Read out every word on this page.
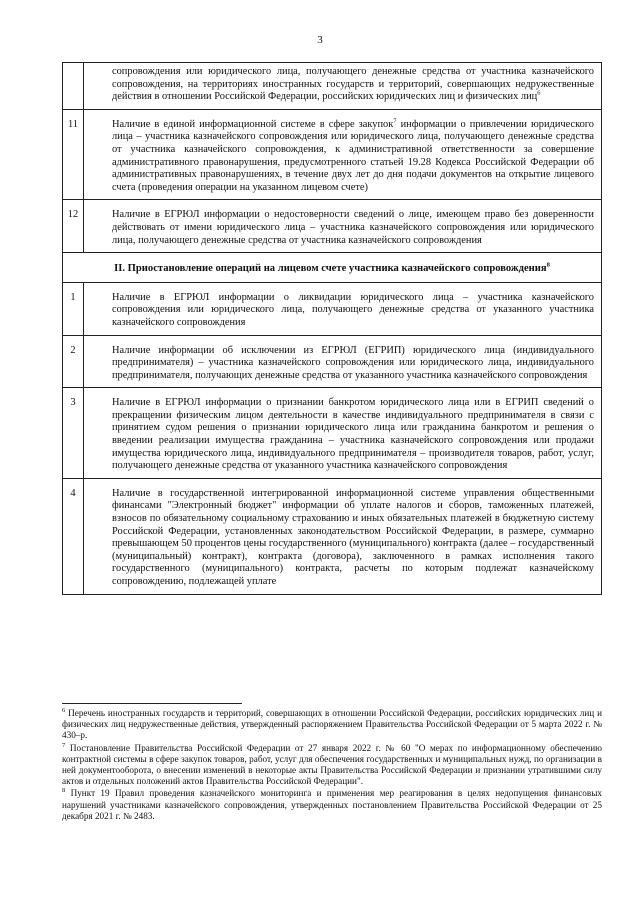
3
	сопровождения или юридического лица, получающего денежные средства от участника казначейского сопровождения, на территориях иностранных государств и территорий, совершающих недружественные действия в отношении Российской Федерации, российских юридических лиц и физических лиц$^6$
11	Наличие в единой информационной системе в сфере закупок$^7$ информации о привлечении юридического лица – участника казначейского сопровождения или юридического лица, получающего денежные средства от участника казначейского сопровождения, к административной ответственности за совершение административного правонарушения, предусмотренного статьей 19.28 Кодекса Российской Федерации об административных правонарушениях, в течение двух лет до дня подачи документов на открытие лицевого счета (проведения операции на указанном лицевом счете)
12	Наличие в ЕГРЮЛ информации о недостоверности сведений о лице, имеющем право без доверенности действовать от имени юридического лица – участника казначейского сопровождения или юридического лица, получающего денежные средства от участника казначейского сопровождения
II. Приостановление операций на лицевом счете участника казначейского сопровождения$^8$
1	Наличие в ЕГРЮЛ информации о ликвидации юридического лица – участника казначейского сопровождения или юридического лица, получающего денежные средства от указанного участника казначейского сопровождения
2	Наличие информации об исключении из ЕГРЮЛ (ЕГРИП) юридического лица (индивидуального предпринимателя) – участника казначейского сопровождения или юридического лица, индивидуального предпринимателя, получающих денежные средства от указанного участника казначейского сопровождения
3	Наличие в ЕГРЮЛ информации о признании банкротом юридического лица или в ЕГРИП сведений о прекращении физическим лицом деятельности в качестве индивидуального предпринимателя в связи с принятием судом решения о признании юридического лица или гражданина банкротом и решения о введении реализации имущества гражданина – участника казначейского сопровождения или продажи имущества юридического лица, индивидуального предпринимателя – производителя товаров, работ, услуг, получающего денежные средства от указанного участника казначейского сопровождения
4	Наличие в государственной интегрированной информационной системе управления общественными финансами "Электронный бюджет" информации об уплате налогов и сборов, таможенных платежей, взносов по обязательному социальному страхованию и иных обязательных платежей в бюджетную систему Российской Федерации, установленных законодательством Российской Федерации, в размере, суммарно превышающем 50 процентов цены государственного (муниципального) контракта (далее – государственный (муниципальный) контракт), контракта (договора), заключенного в рамках исполнения такого государственного (муниципального) контракта, расчеты по которым подлежат казначейскому сопровождению, подлежащей уплате

$^6$ Перечень иностранных государств и территорий, совершающих в отношении Российской Федерации, российских юридических лиц и физических лиц недружественные действия, утвержденный распоряжением Правительства Российской Федерации от 5 марта 2022 г. № 430–р.

$^7$ Постановление Правительства Российской Федерации от 27 января 2022 г. № 60 "О мерах по информационному обеспечению контрактной системы в сфере закупок товаров, работ, услуг для обеспечения государственных и муниципальных нужд, по организации в ней документооборота, о внесении изменений в некоторые акты Правительства Российской Федерации и признании утратившими силу актов и отдельных положений актов Правительства Российской Федерации".

$^8$ Пункт 19 Правил проведения казначейского мониторинга и применения мер реагирования в целях недопущения финансовых нарушений участниками казначейского сопровождения, утвержденных постановлением Правительства Российской Федерации от 25 декабря 2021 г. № 2483.
